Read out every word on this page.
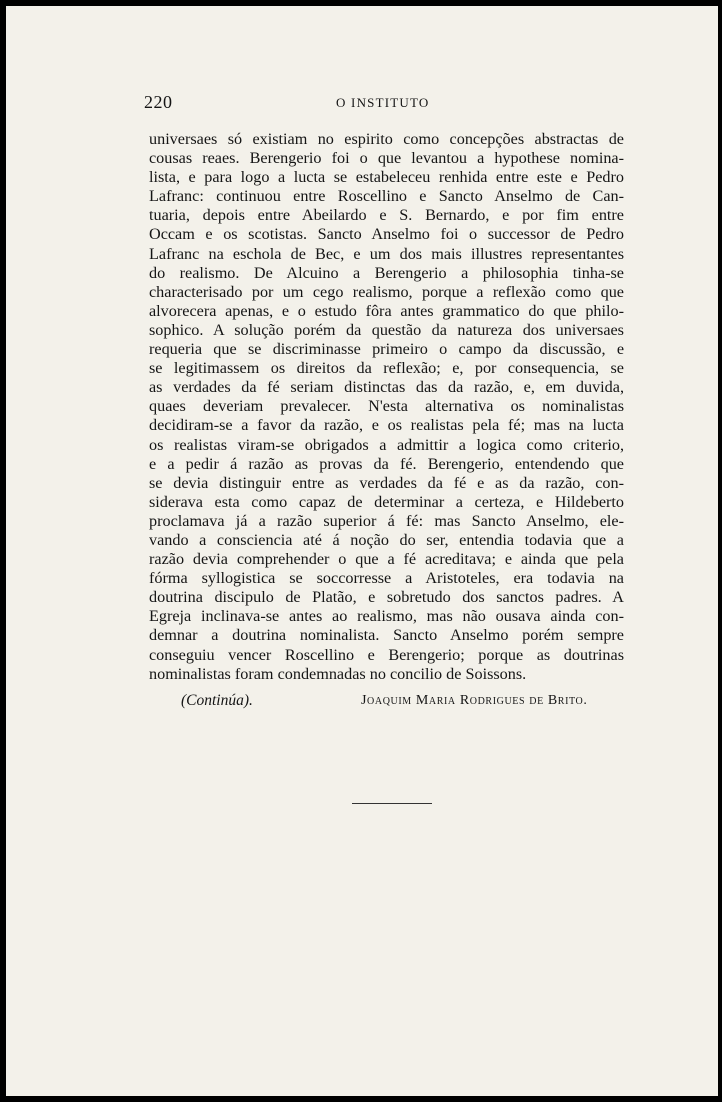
220	O INSTITUTO
universaes só existiam no espirito como concepções abstractas de
cousas reaes. Berengerio foi o que levantou a hypothese nomina-
lista, e para logo a lucta se estabeleceu renhida entre este e Pedro
Lafranc: continuou entre Roscellino e Sancto Anselmo de Can-
tuaria, depois entre Abeilardo e S. Bernardo, e por fim entre
Occam e os scotistas. Sancto Anselmo foi o successor de Pedro
Lafranc na eschola de Bec, e um dos mais illustres representantes
do realismo. De Alcuino a Berengerio a philosophia tinha-se
characterisado por um cego realismo, porque a reflexão como que
alvorecera apenas, e o estudo fôra antes grammatico do que philo-
sophico. A solução porém da questão da natureza dos universaes
requeria que se discriminasse primeiro o campo da discussão, e
se legitimassem os direitos da reflexão; e, por consequencia, se
as verdades da fé seriam distinctas das da razão, e, em duvida,
quaes deveriam prevalecer. N'esta alternativa os nominalistas
decidiram-se a favor da razão, e os realistas pela fé; mas na lucta
os realistas viram-se obrigados a admittir a logica como criterio,
e a pedir á razão as provas da fé. Berengerio, entendendo que
se devia distinguir entre as verdades da fé e as da razão, con-
siderava esta como capaz de determinar a certeza, e Hildeberto
proclamava já a razão superior á fé: mas Sancto Anselmo, ele-
vando a consciencia até á noção do ser, entendia todavia que a
razão devia comprehender o que a fé acreditava; e ainda que pela
fórma syllogistica se soccorresse a Aristoteles, era todavia na
doutrina discipulo de Platão, e sobretudo dos sanctos padres. A
Egreja inclinava-se antes ao realismo, mas não ousava ainda con-
demnar a doutrina nominalista. Sancto Anselmo porém sempre
conseguiu vencer Roscellino e Berengerio; porque as doutrinas
nominalistas foram condemnadas no concilio de Soissons.
(Continúa).	Joaquim Maria Rodrigues de Brito.
